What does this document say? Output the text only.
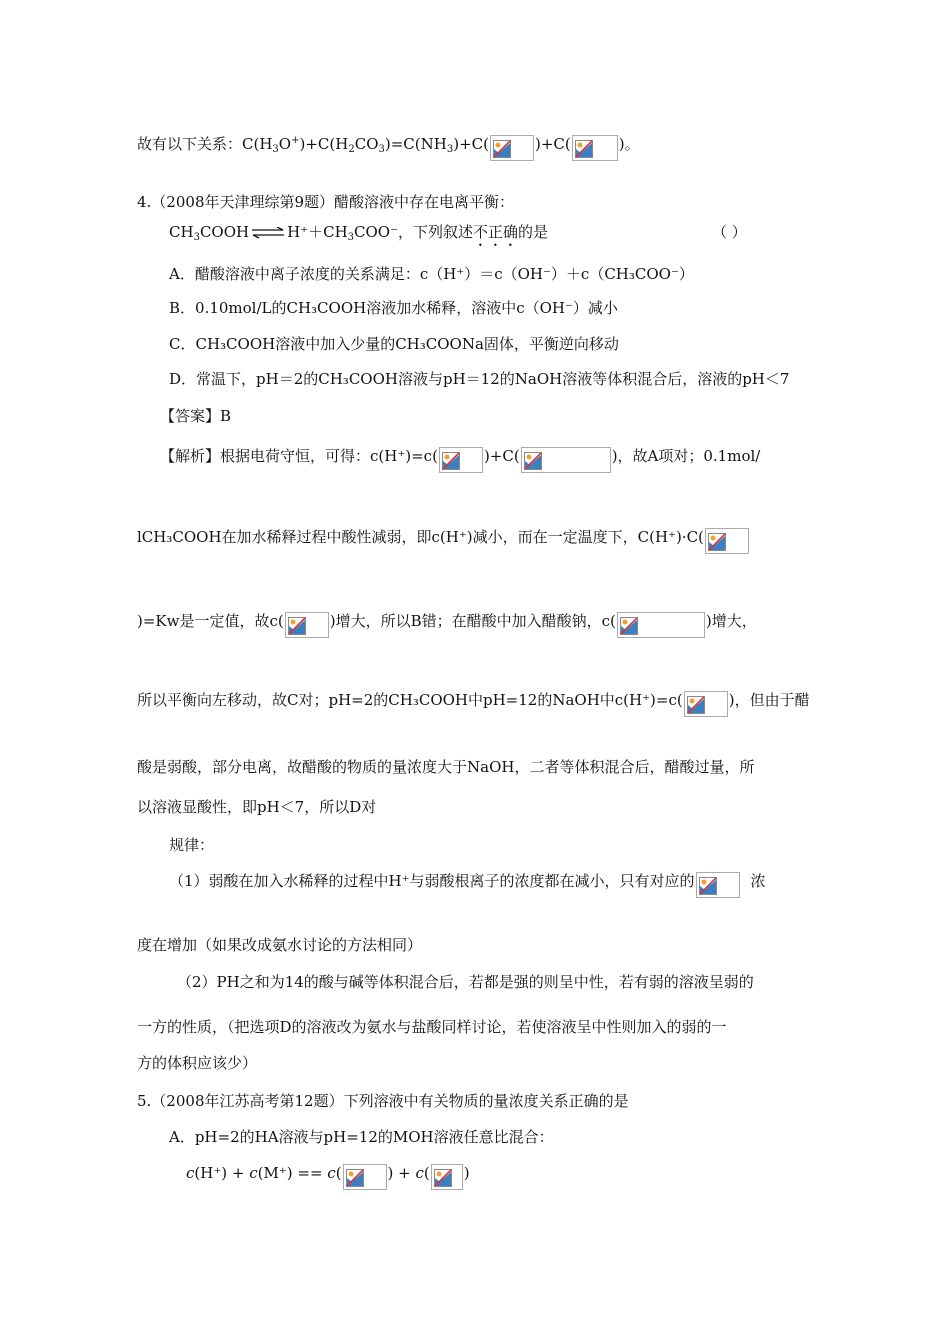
故有以下关系：$C(H_3O^+)+C(H_2CO_3)=C(NH_3)+C$(	)+C(	)。
4.（2008年天津理综第9题）醋酸溶液中存在电离平衡：
$CH_3COOH$ ⇌ $H^++CH_3COO^-$，下列叙述不正确的是	（ ）
A．醋酸溶液中离子浓度的关系满足：c（H⁺）＝c（OH⁻）＋c（CH₃COO⁻）
B．0.10mol/L的CH₃COOH溶液加水稀释，溶液中c（OH⁻）减小
C．CH₃COOH溶液中加入少量的CH₃COONa固体，平衡逆向移动
D．常温下，pH＝2的CH₃COOH溶液与pH＝12的NaOH溶液等体积混合后，溶液的pH＜7
【答案】B
【解析】根据电荷守恒，可得：c(H⁺)=c(	)+C(	)，故A项对；0.1mol/
lCH₃COOH在加水稀释过程中酸性减弱，即c(H⁺)减小，而在一定温度下，C(H⁺)·C(
)=Kw是一定值，故c(	)增大，所以B错；在醋酸中加入醋酸钠，c(	)增大，
所以平衡向左移动，故C对；pH=2的CH₃COOH中pH=12的NaOH中c(H⁺)=c(	)，但由于醋
酸是弱酸，部分电离，故醋酸的物质的量浓度大于NaOH，二者等体积混合后，醋酸过量，所
以溶液显酸性，即pH＜7，所以D对
规律：
（1）弱酸在加入水稀释的过程中H⁺与弱酸根离子的浓度都在减小，只有对应的	浓
度在增加（如果改成氨水讨论的方法相同）
（2）PH之和为14的酸与碱等体积混合后，若都是强的则呈中性，若有弱的溶液呈弱的
一方的性质，（把选项D的溶液改为氨水与盐酸同样讨论，若使溶液呈中性则加入的弱的一
方的体积应该少）
5.（2008年江苏高考第12题）下列溶液中有关物质的量浓度关系正确的是
A．pH=2的HA溶液与pH=12的MOH溶液任意比混合：
c(H⁺) + c(M⁺) == c(	) + c( )
